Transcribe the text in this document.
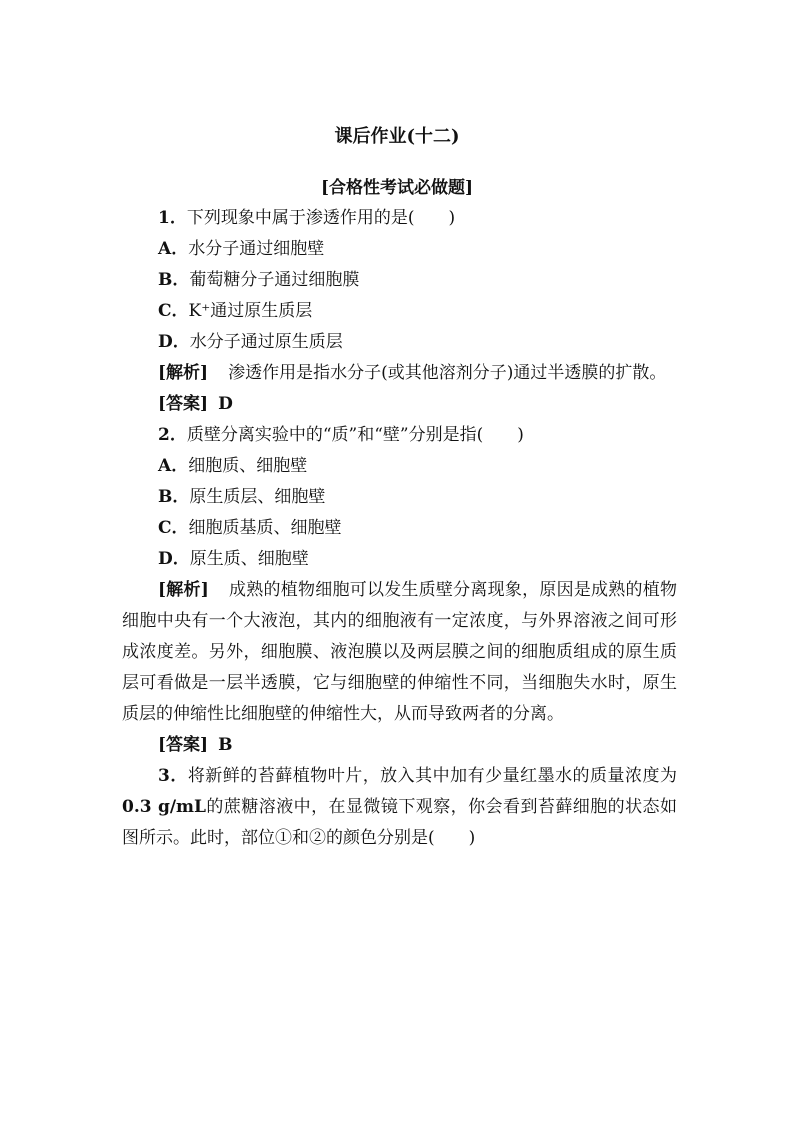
课后作业(十二)
[合格性考试必做题]
1．下列现象中属于渗透作用的是(　　)
A．水分子通过细胞壁
B．葡萄糖分子通过细胞膜
C．K⁺通过原生质层
D．水分子通过原生质层
[解析] 渗透作用是指水分子(或其他溶剂分子)通过半透膜的扩散。
[答案] D
2．质壁分离实验中的“质”和“壁”分别是指(　　)
A．细胞质、细胞壁
B．原生质层、细胞壁
C．细胞质基质、细胞壁
D．原生质、细胞壁
[解析] 成熟的植物细胞可以发生质壁分离现象，原因是成熟的植物细胞中央有一个大液泡，其内的细胞液有一定浓度，与外界溶液之间可形成浓度差。另外，细胞膜、液泡膜以及两层膜之间的细胞质组成的原生质层可看做是一层半透膜，它与细胞壁的伸缩性不同，当细胞失水时，原生质层的伸缩性比细胞壁的伸缩性大，从而导致两者的分离。
[答案] B
3．将新鲜的苔藓植物叶片，放入其中加有少量红墨水的质量浓度为0.3 g/mL的蔗糖溶液中，在显微镜下观察，你会看到苔藓细胞的状态如图所示。此时，部位①和②的颜色分别是(　　)
